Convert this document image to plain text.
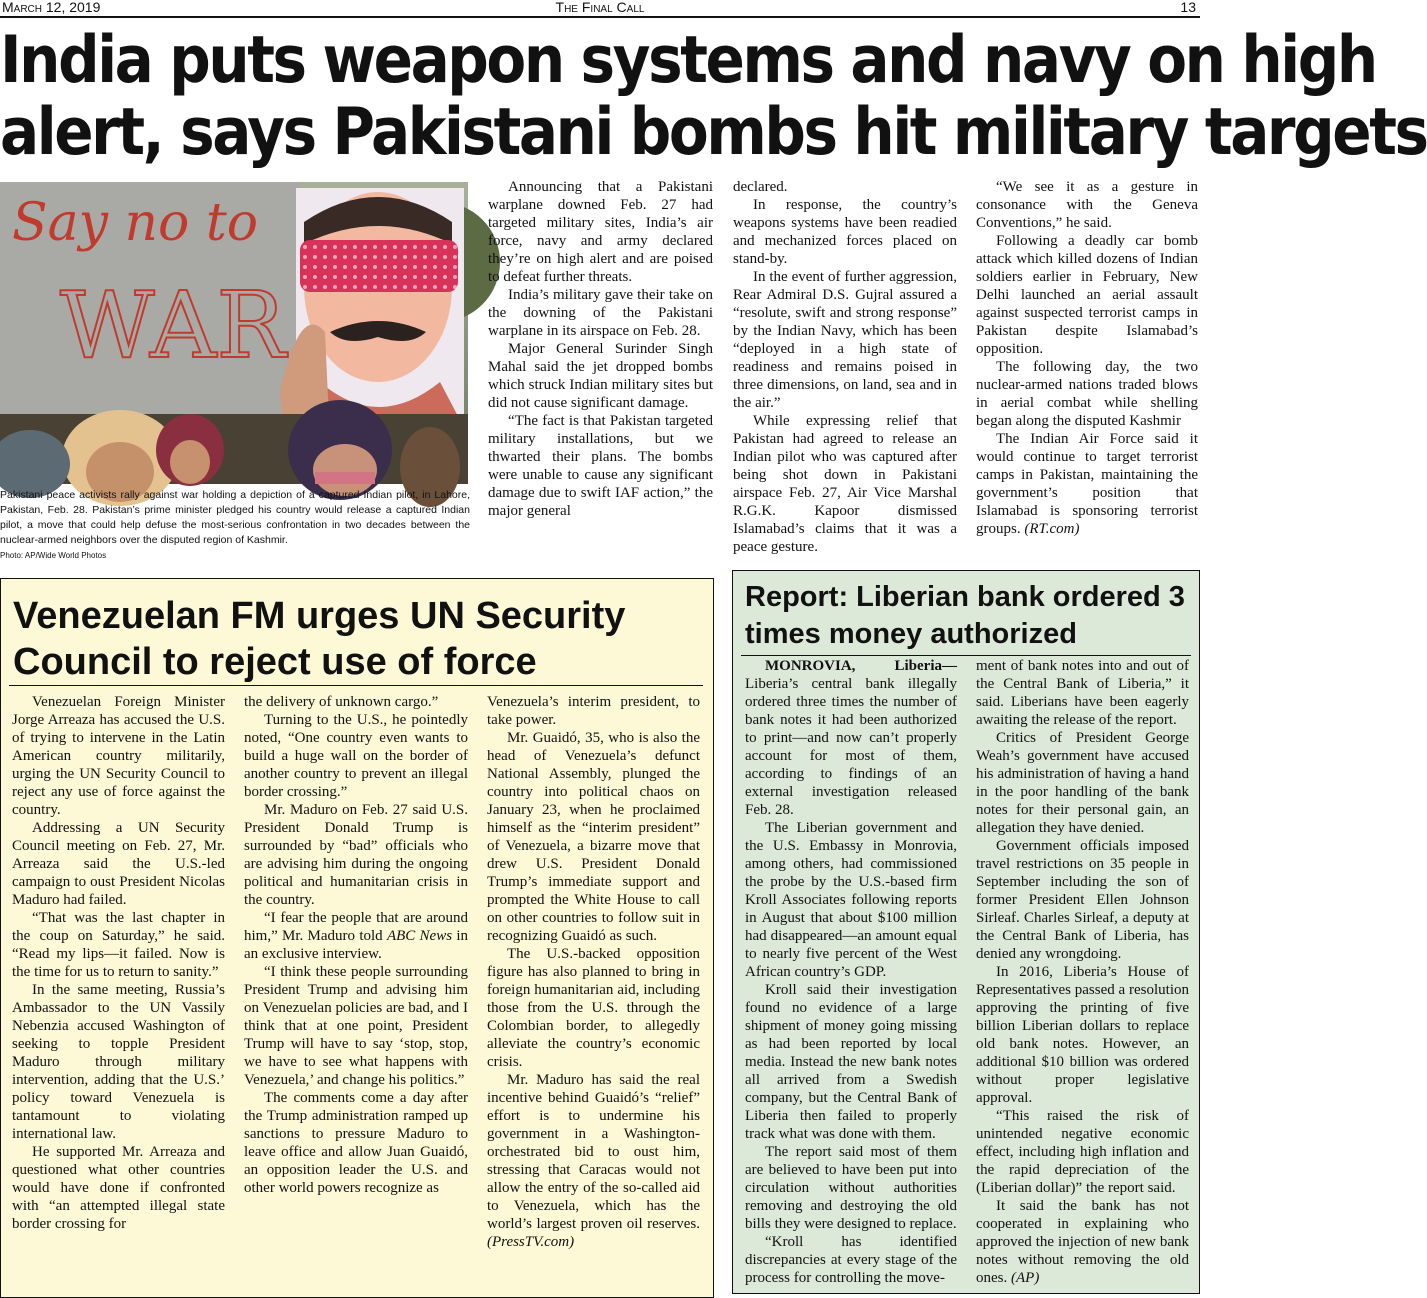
March 12, 2019	The Final Call	13
India puts weapon systems and navy on high
alert, says Pakistani bombs hit military targets
Say no to
WAR
Pakistani peace activists rally against war holding a depiction of a captured Indian pilot, in Lahore, Pakistan, Feb. 28. Pakistan’s prime minister pledged his country would release a captured Indian pilot, a move that could help defuse the most-serious confrontation in two decades between the nuclear-armed neighbors over the disputed region of Kashmir.
Photo: AP/Wide World Photos

Announcing that a Pakistani warplane downed Feb. 27 had targeted military sites, India’s air force, navy and army declared they’re on high alert and are poised to defeat further threats.

India’s military gave their take on the downing of the Pakistani warplane in its airspace on Feb. 28.

Major General Surinder Singh Mahal said the jet dropped bombs which struck Indian military sites but did not cause significant damage.

“The fact is that Pakistan targeted military installations, but we thwarted their plans. The bombs were unable to cause any significant damage due to swift IAF action,” the major general

declared.

In response, the country’s weapons systems have been readied and mechanized forces placed on stand-by.

In the event of further aggression, Rear Admiral D.S. Gujral assured a “resolute, swift and strong response” by the Indian Navy, which has been “deployed in a high state of readiness and remains poised in three dimensions, on land, sea and in the air.”

While expressing relief that Pakistan had agreed to release an Indian pilot who was captured after being shot down in Pakistani airspace Feb. 27, Air Vice Marshal R.G.K. Kapoor dismissed Islamabad’s claims that it was a peace gesture.

“We see it as a gesture in consonance with the Geneva Conventions,” he said.

Following a deadly car bomb attack which killed dozens of Indian soldiers earlier in February, New Delhi launched an aerial assault against suspected terrorist camps in Pakistan despite Islamabad’s opposition.

The following day, the two nuclear-armed nations traded blows in aerial combat while shelling began along the disputed Kashmir

The Indian Air Force said it would continue to target terrorist camps in Pakistan, maintaining the government’s position that Islamabad is sponsoring terrorist groups. (RT.com)

Venezuelan FM urges UN Security Council to reject use of force

Venezuelan Foreign Minister Jorge Arreaza has accused the U.S. of trying to intervene in the Latin American country militarily, urging the UN Security Council to reject any use of force against the country.

Addressing a UN Security Council meeting on Feb. 27, Mr. Arreaza said the U.S.-led campaign to oust President Nicolas Maduro had failed.

“That was the last chapter in the coup on Saturday,” he said. “Read my lips—it failed. Now is the time for us to return to sanity.”

In the same meeting, Russia’s Ambassador to the UN Vassily Nebenzia accused Washington of seeking to topple President Maduro through military intervention, adding that the U.S.’ policy toward Venezuela is tantamount to violating international law.

He supported Mr. Arreaza and questioned what other countries would have done if confronted with “an attempted illegal state border crossing for

the delivery of unknown cargo.”

Turning to the U.S., he pointedly noted, “One country even wants to build a huge wall on the border of another country to prevent an illegal border crossing.”

Mr. Maduro on Feb. 27 said U.S. President Donald Trump is surrounded by “bad” officials who are advising him during the ongoing political and humanitarian crisis in the country.

“I fear the people that are around him,” Mr. Maduro told ABC News in an exclusive interview.

“I think these people surrounding President Trump and advising him on Venezuelan policies are bad, and I think that at one point, President Trump will have to say ‘stop, stop, we have to see what happens with Venezuela,’ and change his politics.”

The comments come a day after the Trump administration ramped up sanctions to pressure Maduro to leave office and allow Juan Guaidó, an opposition leader the U.S. and other world powers recognize as

Venezuela’s interim president, to take power.

Mr. Guaidó, 35, who is also the head of Venezuela’s defunct National Assembly, plunged the country into political chaos on January 23, when he proclaimed himself as the “interim president” of Venezuela, a bizarre move that drew U.S. President Donald Trump’s immediate support and prompted the White House to call on other countries to follow suit in recognizing Guaidó as such.

The U.S.-backed opposition figure has also planned to bring in foreign humanitarian aid, including those from the U.S. through the Colombian border, to allegedly alleviate the country’s economic crisis.

Mr. Maduro has said the real incentive behind Guaidó’s “relief” effort is to undermine his government in a Washington-orchestrated bid to oust him, stressing that Caracas would not allow the entry of the so-called aid to Venezuela, which has the world’s largest proven oil reserves. (PressTV.com)

Report: Liberian bank ordered 3 times money authorized

MONROVIA, Liberia— Liberia’s central bank illegally ordered three times the number of bank notes it had been authorized to print—and now can’t properly account for most of them, according to findings of an external investigation released Feb. 28.

The Liberian government and the U.S. Embassy in Monrovia, among others, had commissioned the probe by the U.S.-based firm Kroll Associates following reports in August that about $100 million had disappeared—an amount equal to nearly five percent of the West African country’s GDP.

Kroll said their investigation found no evidence of a large shipment of money going missing as had been reported by local media. Instead the new bank notes all arrived from a Swedish company, but the Central Bank of Liberia then failed to properly track what was done with them.

The report said most of them are believed to have been put into circulation without authorities removing and destroying the old bills they were designed to replace.

“Kroll has identified discrepancies at every stage of the process for controlling the move-

ment of bank notes into and out of the Central Bank of Liberia,” it said. Liberians have been eagerly awaiting the release of the report.

Critics of President George Weah’s government have accused his administration of having a hand in the poor handling of the bank notes for their personal gain, an allegation they have denied.

Government officials imposed travel restrictions on 35 people in September including the son of former President Ellen Johnson Sirleaf. Charles Sirleaf, a deputy at the Central Bank of Liberia, has denied any wrongdoing.

In 2016, Liberia’s House of Representatives passed a resolution approving the printing of five billion Liberian dollars to replace old bank notes. However, an additional $10 billion was ordered without proper legislative approval.

“This raised the risk of unintended negative economic effect, including high inflation and the rapid depreciation of the (Liberian dollar)” the report said.

It said the bank has not cooperated in explaining who approved the injection of new bank notes without removing the old ones. (AP)
